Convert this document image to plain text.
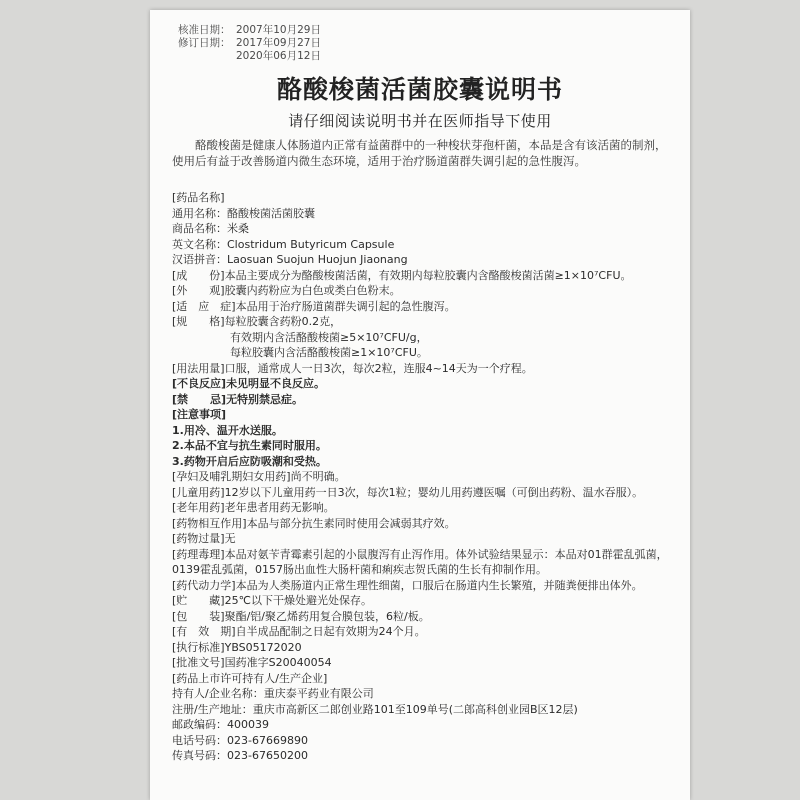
核准日期： 2007年10月29日
修订日期： 2017年09月27日
2020年06月12日
酪酸梭菌活菌胶囊说明书
请仔细阅读说明书并在医师指导下使用
酪酸梭菌是健康人体肠道内正常有益菌群中的一种梭状芽孢杆菌，本品是含有该活菌的制剂，使用后有益于改善肠道内微生态环境，适用于治疗肠道菌群失调引起的急性腹泻。
[药品名称]
通用名称：酪酸梭菌活菌胶囊
商品名称：米桑
英文名称：Clostridum Butyricum Capsule
汉语拼音：Laosuan Suojun Huojun Jiaonang
[成　　份]本品主要成分为酪酸梭菌活菌，有效期内每粒胶囊内含酪酸梭菌活菌≥1×10⁷CFU。
[外　　观]胶囊内药粉应为白色或类白色粉末。
[适　应　症]本品用于治疗肠道菌群失调引起的急性腹泻。
[规　　格]每粒胶囊含药粉0.2克，
有效期内含活酪酸梭菌≥5×10⁷CFU/g，
每粒胶囊内含活酪酸梭菌≥1×10⁷CFU。
[用法用量]口服，通常成人一日3次，每次2粒，连服4~14天为一个疗程。
[不良反应]未见明显不良反应。
[禁　　忌]无特别禁忌症。
[注意事项]
1.用冷、温开水送服。
2.本品不宜与抗生素同时服用。
3.药物开启后应防吸潮和受热。
[孕妇及哺乳期妇女用药]尚不明确。
[儿童用药]12岁以下儿童用药一日3次，每次1粒；婴幼儿用药遵医嘱（可倒出药粉、温水吞服）。
[老年用药]老年患者用药无影响。
[药物相互作用]本品与部分抗生素同时使用会减弱其疗效。
[药物过量]无
[药理毒理]本品对氨苄青霉素引起的小鼠腹泻有止泻作用。体外试验结果显示：本品对01群霍乱弧菌，0139霍乱弧菌，0157肠出血性大肠杆菌和痢疾志贺氏菌的生长有抑制作用。
[药代动力学]本品为人类肠道内正常生理性细菌，口服后在肠道内生长繁殖，并随粪便排出体外。
[贮　　藏]25℃以下干燥处避光处保存。
[包　　装]聚酯/铝/聚乙烯药用复合膜包装，6粒/板。
[有　效　期]自半成品配制之日起有效期为24个月。
[执行标准]YBS05172020
[批准文号]国药准字S20040054
[药品上市许可持有人/生产企业]
持有人/企业名称：重庆泰平药业有限公司
注册/生产地址：重庆市高新区二郎创业路101至109单号(二郎高科创业园B区12层)
邮政编码：400039
电话号码：023-67669890
传真号码：023-67650200
